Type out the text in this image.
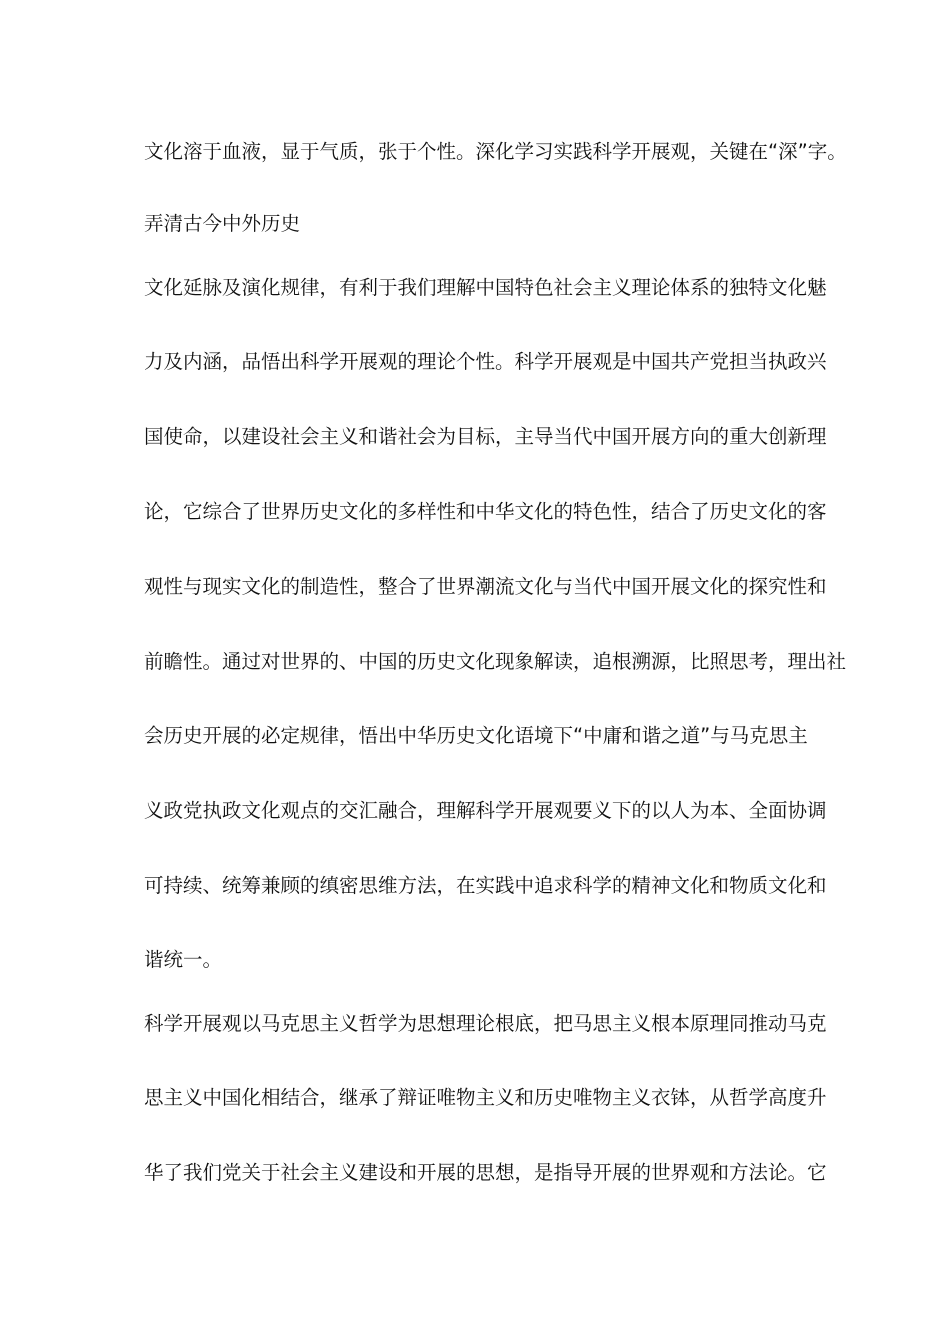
文化溶于血液，显于气质，张于个性。深化学习实践科学开展观，关键在“深”字。
弄清古今中外历史
文化延脉及演化规律，有利于我们理解中国特色社会主义理论体系的独特文化魅
力及内涵，品悟出科学开展观的理论个性。科学开展观是中国共产党担当执政兴
国使命，以建设社会主义和谐社会为目标，主导当代中国开展方向的重大创新理
论，它综合了世界历史文化的多样性和中华文化的特色性，结合了历史文化的客
观性与现实文化的制造性，整合了世界潮流文化与当代中国开展文化的探究性和
前瞻性。通过对世界的、中国的历史文化现象解读，追根溯源，比照思考，理出社
会历史开展的必定规律，悟出中华历史文化语境下“中庸和谐之道”与马克思主
义政党执政文化观点的交汇融合，理解科学开展观要义下的以人为本、全面协调
可持续、统筹兼顾的缜密思维方法，在实践中追求科学的精神文化和物质文化和
谐统一。
科学开展观以马克思主义哲学为思想理论根底，把马思主义根本原理同推动马克
思主义中国化相结合，继承了辩证唯物主义和历史唯物主义衣钵，从哲学高度升
华了我们党关于社会主义建设和开展的思想，是指导开展的世界观和方法论。它
